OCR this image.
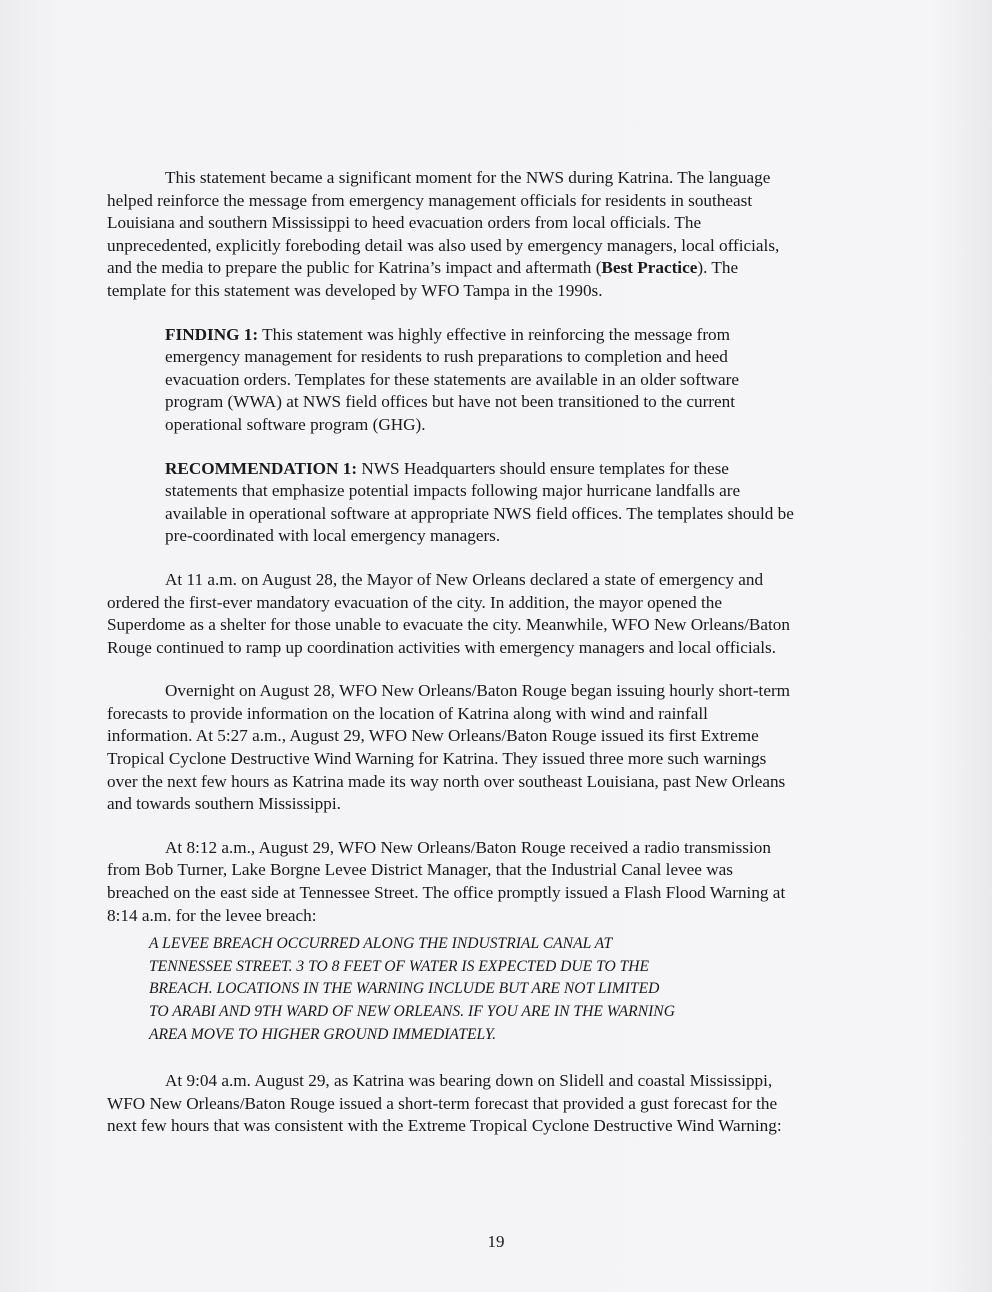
This statement became a significant moment for the NWS during Katrina. The language helped reinforce the message from emergency management officials for residents in southeast Louisiana and southern Mississippi to heed evacuation orders from local officials. The unprecedented, explicitly foreboding detail was also used by emergency managers, local officials, and the media to prepare the public for Katrina’s impact and aftermath (Best Practice). The template for this statement was developed by WFO Tampa in the 1990s.

FINDING 1: This statement was highly effective in reinforcing the message from emergency management for residents to rush preparations to completion and heed evacuation orders. Templates for these statements are available in an older software program (WWA) at NWS field offices but have not been transitioned to the current operational software program (GHG).

RECOMMENDATION 1: NWS Headquarters should ensure templates for these statements that emphasize potential impacts following major hurricane landfalls are available in operational software at appropriate NWS field offices. The templates should be pre-coordinated with local emergency managers.

At 11 a.m. on August 28, the Mayor of New Orleans declared a state of emergency and ordered the first-ever mandatory evacuation of the city. In addition, the mayor opened the Superdome as a shelter for those unable to evacuate the city. Meanwhile, WFO New Orleans/Baton Rouge continued to ramp up coordination activities with emergency managers and local officials.

Overnight on August 28, WFO New Orleans/Baton Rouge began issuing hourly short-term forecasts to provide information on the location of Katrina along with wind and rainfall information. At 5:27 a.m., August 29, WFO New Orleans/Baton Rouge issued its first Extreme Tropical Cyclone Destructive Wind Warning for Katrina. They issued three more such warnings over the next few hours as Katrina made its way north over southeast Louisiana, past New Orleans and towards southern Mississippi.

At 8:12 a.m., August 29, WFO New Orleans/Baton Rouge received a radio transmission from Bob Turner, Lake Borgne Levee District Manager, that the Industrial Canal levee was breached on the east side at Tennessee Street. The office promptly issued a Flash Flood Warning at 8:14 a.m. for the levee breach:

A LEVEE BREACH OCCURRED ALONG THE INDUSTRIAL CANAL AT
TENNESSEE STREET. 3 TO 8 FEET OF WATER IS EXPECTED DUE TO THE
BREACH. LOCATIONS IN THE WARNING INCLUDE BUT ARE NOT LIMITED
TO ARABI AND 9TH WARD OF NEW ORLEANS. IF YOU ARE IN THE WARNING
AREA MOVE TO HIGHER GROUND IMMEDIATELY.

At 9:04 a.m. August 29, as Katrina was bearing down on Slidell and coastal Mississippi, WFO New Orleans/Baton Rouge issued a short-term forecast that provided a gust forecast for the next few hours that was consistent with the Extreme Tropical Cyclone Destructive Wind Warning:

19
